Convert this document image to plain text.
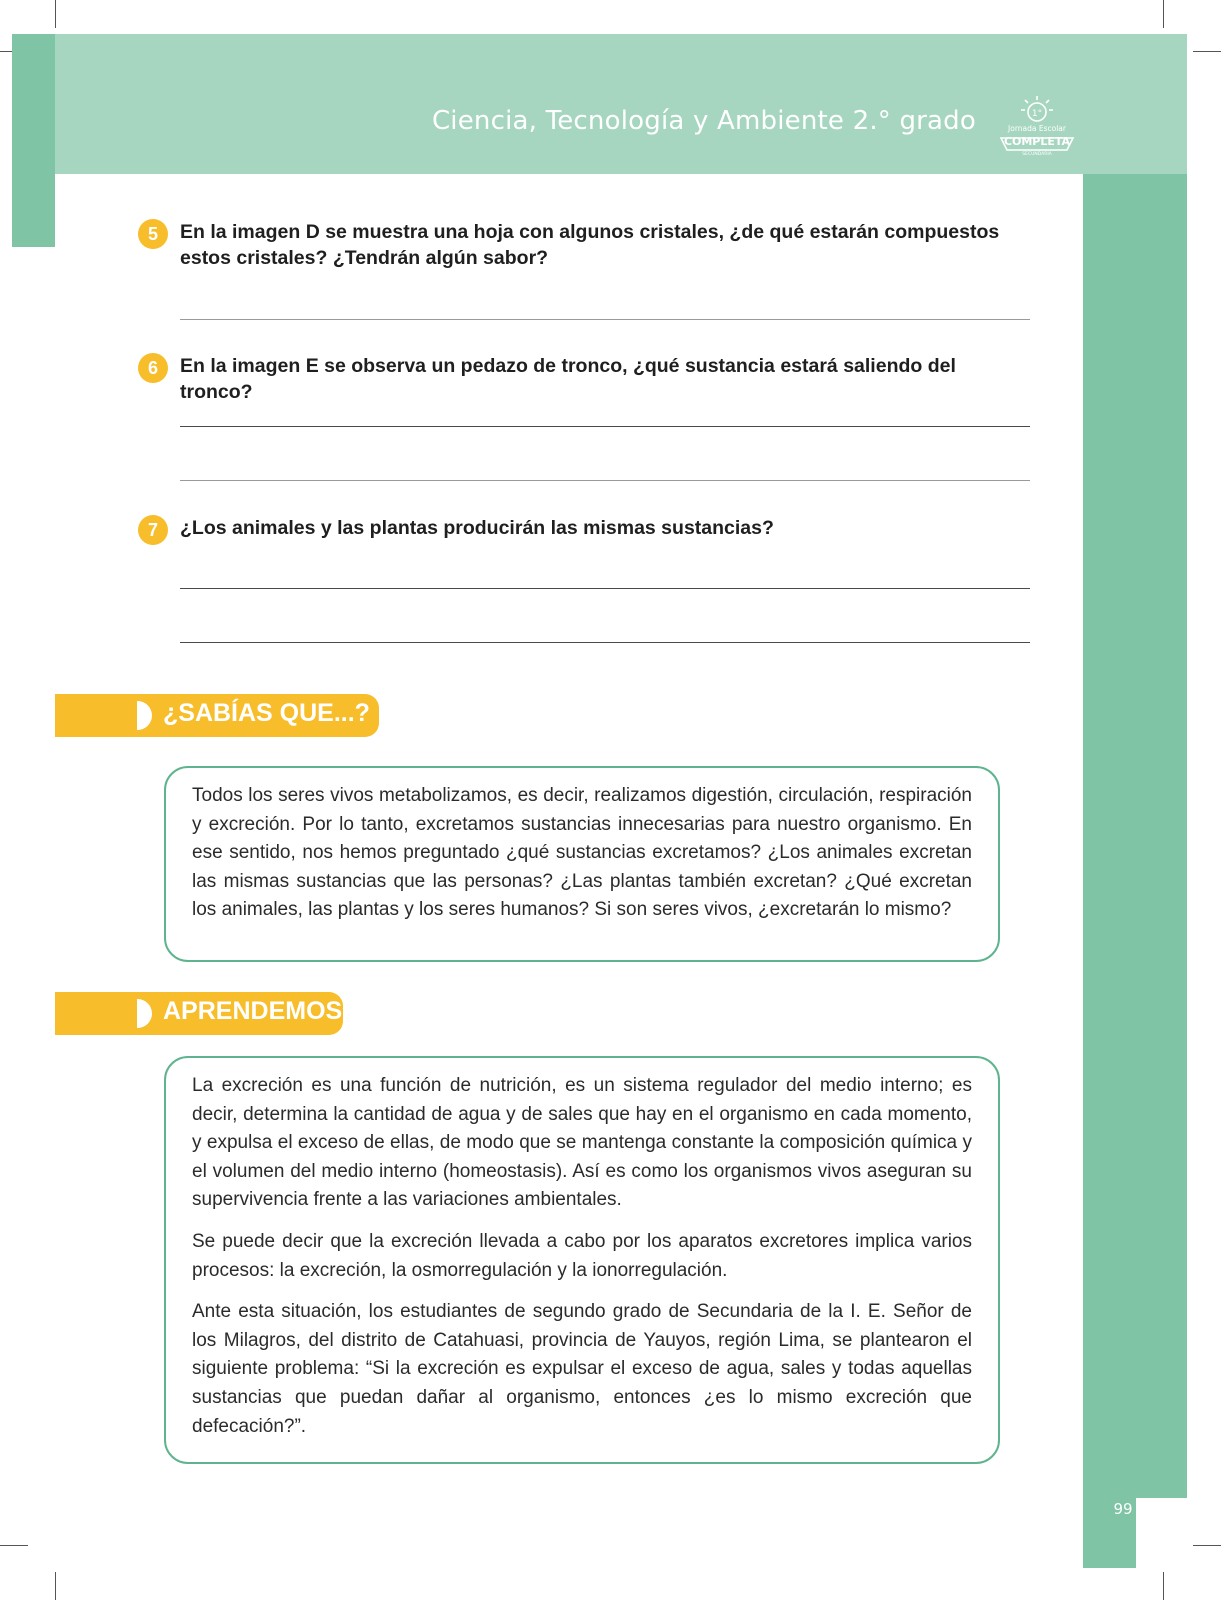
Ciencia, Tecnología y Ambiente 2.° grado	1°
Jornada Escolar
COMPLETA
SECUNDARIA
5	En la imagen D se muestra una hoja con algunos cristales, ¿de qué estarán compuestos estos cristales? ¿Tendrán algún sabor?
6	En la imagen E se observa un pedazo de tronco, ¿qué sustancia estará saliendo del tronco?
7	¿Los animales y las plantas producirán las mismas sustancias?
¿SABÍAS QUE...?

Todos los seres vivos metabolizamos, es decir, realizamos digestión, circulación, respiración y excreción. Por lo tanto, excretamos sustancias innecesarias para nuestro organismo. En ese sentido, nos hemos preguntado ¿qué sustancias excretamos? ¿Los animales excretan las mismas sustancias que las personas? ¿Las plantas también excretan? ¿Qué excretan los animales, las plantas y los seres humanos? Si son seres vivos, ¿excretarán lo mismo?

APRENDEMOS

La excreción es una función de nutrición, es un sistema regulador del medio interno; es decir, determina la cantidad de agua y de sales que hay en el organismo en cada momento, y expulsa el exceso de ellas, de modo que se mantenga constante la composición química y el volumen del medio interno (homeostasis). Así es como los organismos vivos aseguran su supervivencia frente a las variaciones ambientales.

Se puede decir que la excreción llevada a cabo por los aparatos excretores implica varios procesos: la excreción, la osmorregulación y la ionorregulación.

Ante esta situación, los estudiantes de segundo grado de Secundaria de la I. E. Señor de los Milagros, del distrito de Catahuasi, provincia de Yauyos, región Lima, se plantearon el siguiente problema: “Si la excreción es expulsar el exceso de agua, sales y todas aquellas sustancias que puedan dañar al organismo, entonces ¿es lo mismo excreción que defecación?”.

99
